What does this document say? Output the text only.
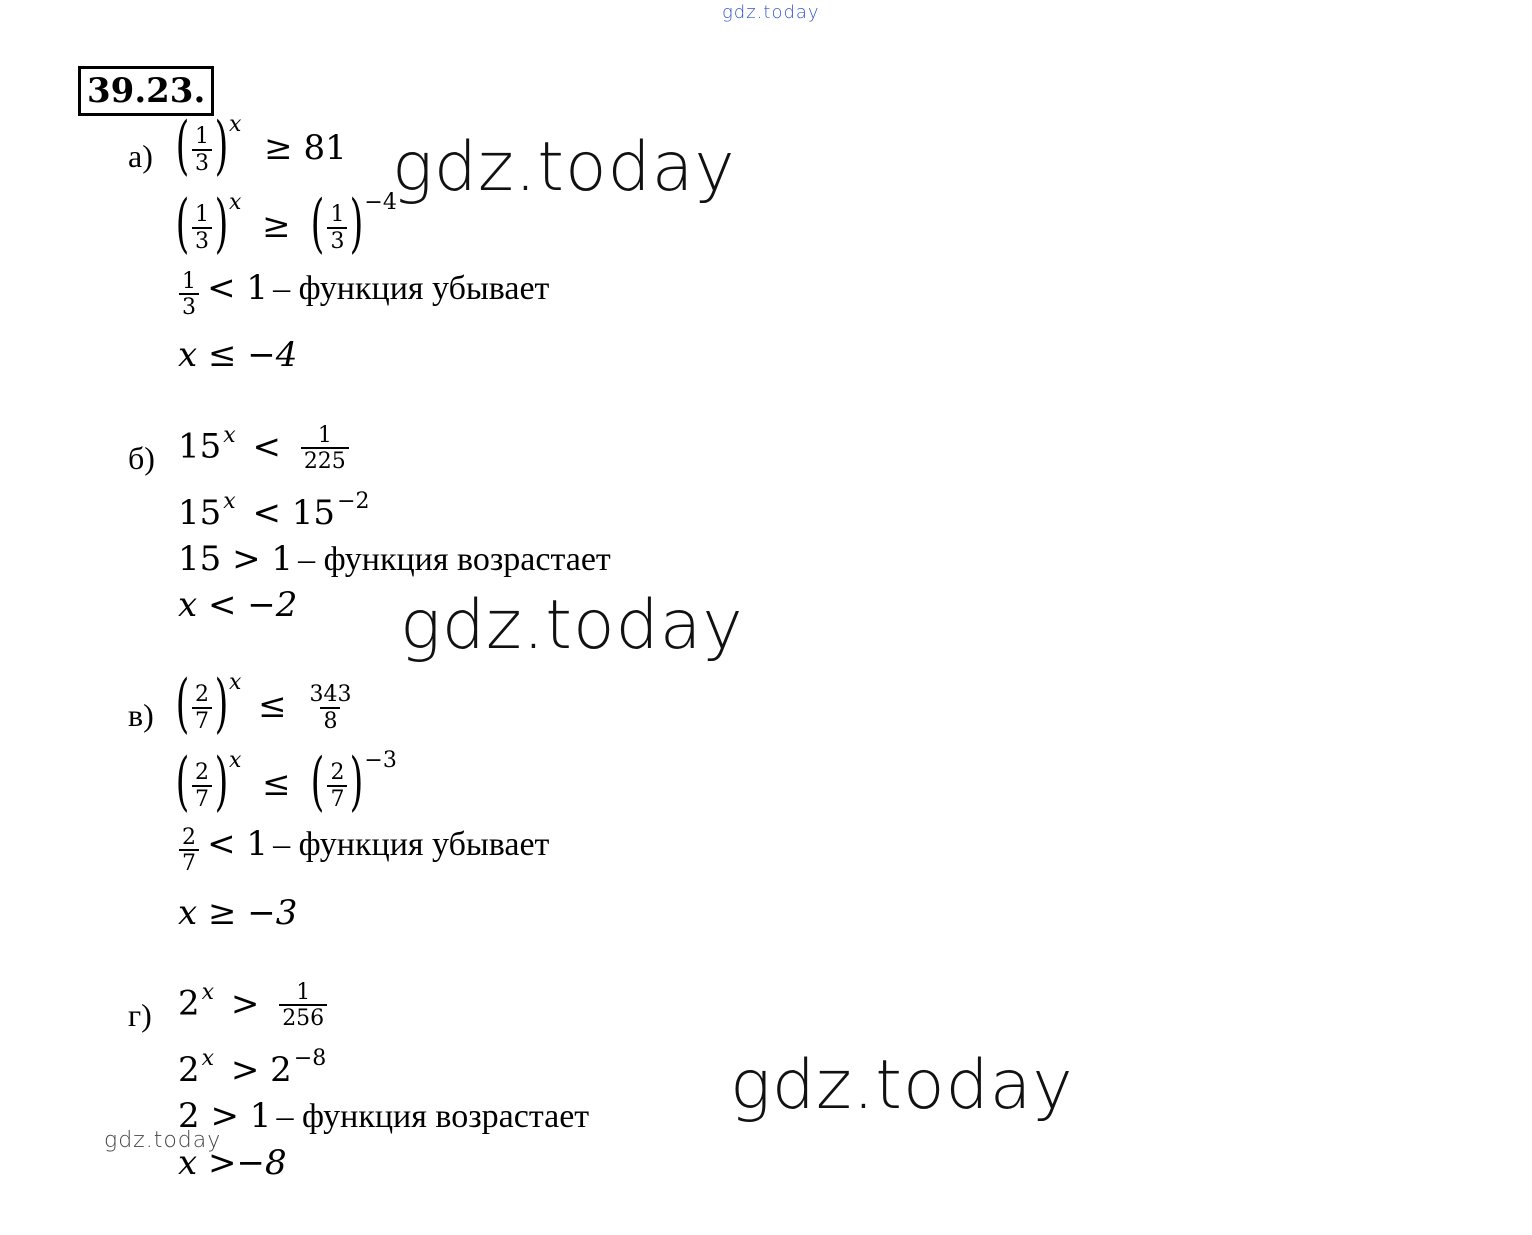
gdz.today
39.23.
а) ( $\frac{1}{3}$ ) $^x$ ≥ 81
( $\frac{1}{3}$ ) $^x$ ≥ ( $\frac{1}{3}$ ) $^{-4}$
$\frac{1}{3} < 1$ – функция убывает
x ≤ −4
б) $15^x < \frac{1}{225}$
$15^x < 15^{-2}$
15 > 1 – функция возрастает
x < −2
в) ( $\frac{2}{7}$ ) $^x \le \frac{343}{8}$
( $\frac{2}{7}$ ) $^x$ ≤ ( $\frac{2}{7}$ ) $^{-3}$
$\frac{2}{7} < 1$ – функция убывает
x ≥ −3
г) $2^x > \frac{1}{256}$
$2^x > 2^{-8}$
2 > 1 – функция возрастает
x >−8
gdz.today
gdz.today
gdz.today
gdz.today
